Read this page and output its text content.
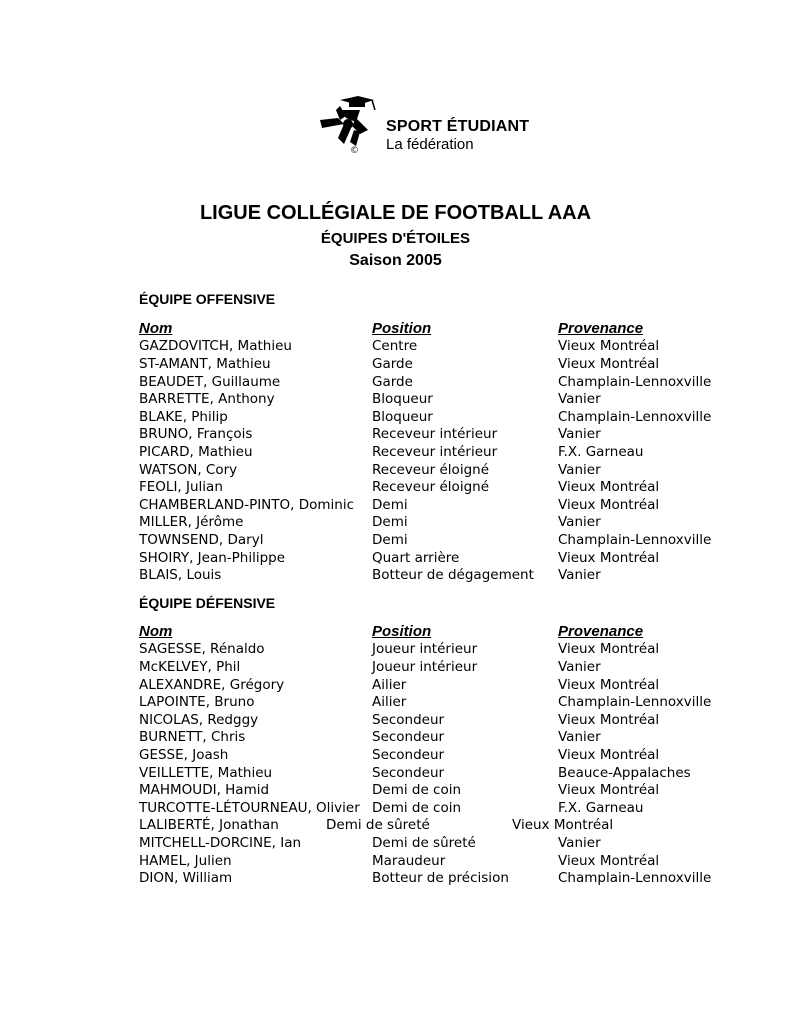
©
SPORT ÉTUDIANT
La fédération
LIGUE COLLÉGIALE DE FOOTBALL AAA
ÉQUIPES D'ÉTOILES
Saison 2005
ÉQUIPE OFFENSIVE
Nom	Position	Provenance
GAZDOVITCH, Mathieu	Centre	Vieux Montréal
ST-AMANT, Mathieu	Garde	Vieux Montréal
BEAUDET, Guillaume	Garde	Champlain-Lennoxville
BARRETTE, Anthony	Bloqueur	Vanier
BLAKE, Philip	Bloqueur	Champlain-Lennoxville
BRUNO, François	Receveur intérieur	Vanier
PICARD, Mathieu	Receveur intérieur	F.X. Garneau
WATSON, Cory	Receveur éloigné	Vanier
FEOLI, Julian	Receveur éloigné	Vieux Montréal
CHAMBERLAND-PINTO, Dominic	Demi	Vieux Montréal
MILLER, Jérôme	Demi	Vanier
TOWNSEND, Daryl	Demi	Champlain-Lennoxville
SHOIRY, Jean-Philippe	Quart arrière	Vieux Montréal
BLAIS, Louis	Botteur de dégagement	Vanier
ÉQUIPE DÉFENSIVE
Nom	Position	Provenance
SAGESSE, Rénaldo	Joueur intérieur	Vieux Montréal
McKELVEY, Phil	Joueur intérieur	Vanier
ALEXANDRE, Grégory	Ailier	Vieux Montréal
LAPOINTE, Bruno	Ailier	Champlain-Lennoxville
NICOLAS, Redggy	Secondeur	Vieux Montréal
BURNETT, Chris	Secondeur	Vanier
GESSE, Joash	Secondeur	Vieux Montréal
VEILLETTE, Mathieu	Secondeur	Beauce-Appalaches
MAHMOUDI, Hamid	Demi de coin	Vieux Montréal
TURCOTTE-LÉTOURNEAU, Olivier	Demi de coin	F.X. Garneau
LALIBERTÉ, Jonathan	Demi de sûreté	Vieux Montréal
MITCHELL-DORCINE, Ian	Demi de sûreté	Vanier
HAMEL, Julien	Maraudeur	Vieux Montréal
DION, William	Botteur de précision	Champlain-Lennoxville
